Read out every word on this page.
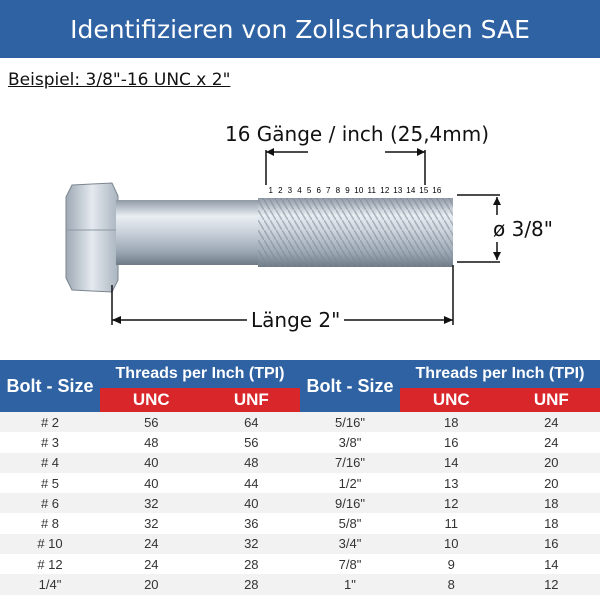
Identifizieren von Zollschrauben SAE
Beispiel: 3/8"-16 UNC x 2"
16 Gänge / inch (25,4mm)
1 2 3 4 5 6 7 8 9 10 11 12 13 14 15 16
ø 3/8"
Länge 2"
Bolt - Size	Threads per Inch (TPI)		Bolt - Size	Threads per Inch (TPI)	
	UNC	UNF		UNC	UNF
# 2	56	64	5/16"	18	24
# 3	48	56	3/8"	16	24
# 4	40	48	7/16"	14	20
# 5	40	44	1/2"	13	20
# 6	32	40	9/16"	12	18
# 8	32	36	5/8"	11	18
# 10	24	32	3/4"	10	16
# 12	24	28	7/8"	9	14
1/4"	20	28	1"	8	12
